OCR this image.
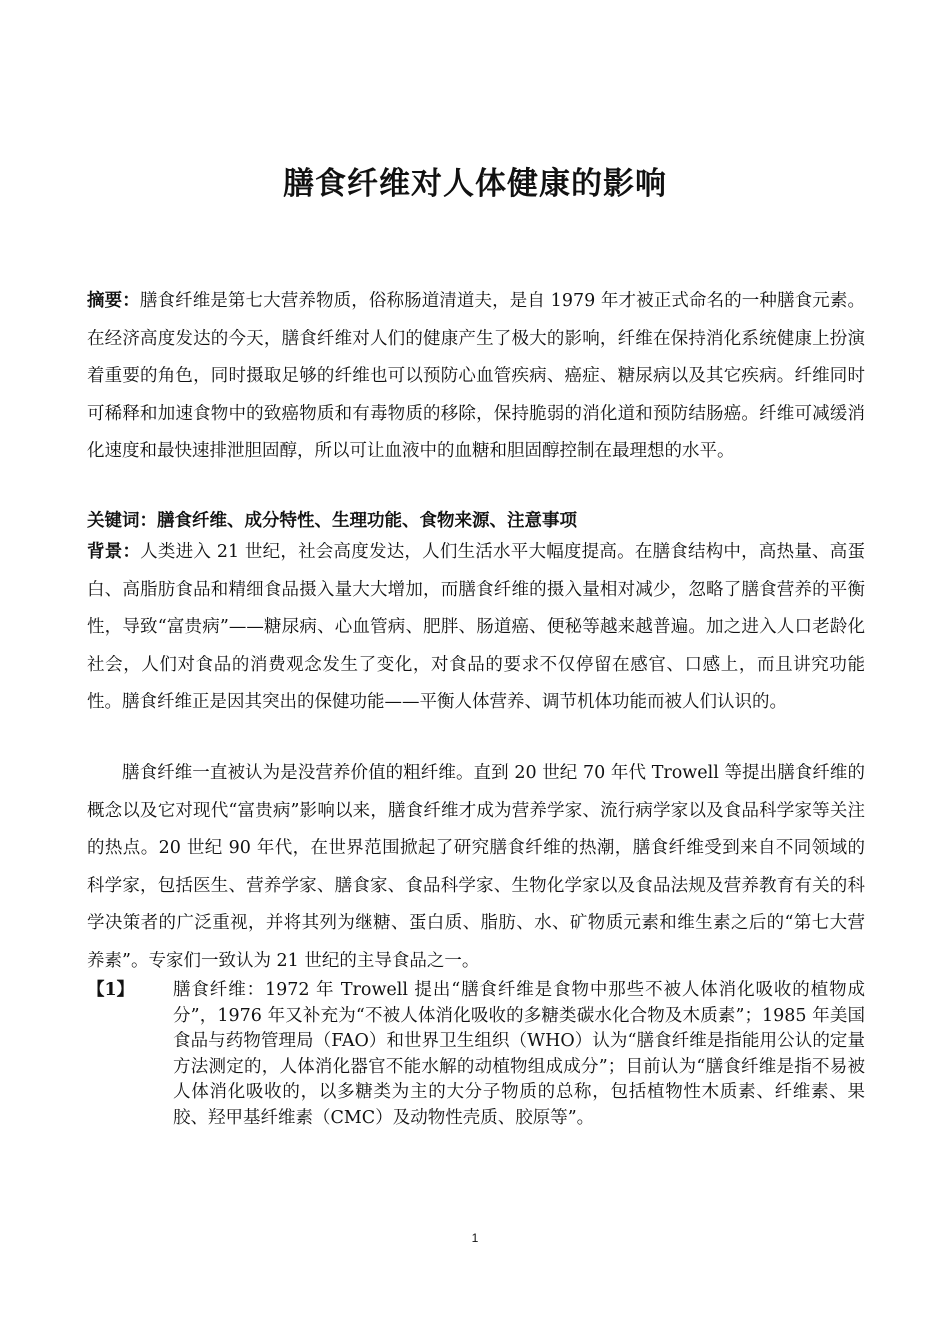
膳食纤维对人体健康的影响

摘要：膳食纤维是第七大营养物质，俗称肠道清道夫，是自 1979 年才被正式命名的一种膳食元素。在经济高度发达的今天，膳食纤维对人们的健康产生了极大的影响，纤维在保持消化系统健康上扮演着重要的角色，同时摄取足够的纤维也可以预防心血管疾病、癌症、糖尿病以及其它疾病。纤维同时可稀释和加速食物中的致癌物质和有毒物质的移除，保持脆弱的消化道和预防结肠癌。纤维可减缓消化速度和最快速排泄胆固醇，所以可让血液中的血糖和胆固醇控制在最理想的水平。

关键词：膳食纤维、成分特性、生理功能、食物来源、注意事项

背景：人类进入 21 世纪，社会高度发达，人们生活水平大幅度提高。在膳食结构中，高热量、高蛋白、高脂肪食品和精细食品摄入量大大增加，而膳食纤维的摄入量相对减少，忽略了膳食营养的平衡性，导致“富贵病”——糖尿病、心血管病、肥胖、肠道癌、便秘等越来越普遍。加之进入人口老龄化社会，人们对食品的消费观念发生了变化，对食品的要求不仅停留在感官、口感上，而且讲究功能性。膳食纤维正是因其突出的保健功能——平衡人体营养、调节机体功能而被人们认识的。

膳食纤维一直被认为是没营养价值的粗纤维。直到 20 世纪 70 年代 Trowell 等提出膳食纤维的概念以及它对现代“富贵病”影响以来，膳食纤维才成为营养学家、流行病学家以及食品科学家等关注的热点。20 世纪 90 年代，在世界范围掀起了研究膳食纤维的热潮，膳食纤维受到来自不同领域的科学家，包括医生、营养学家、膳食家、食品科学家、生物化学家以及食品法规及营养教育有关的科学决策者的广泛重视，并将其列为继糖、蛋白质、脂肪、水、矿物质元素和维生素之后的“第七大营养素”。专家们一致认为 21 世纪的主导食品之一。

【1】 膳食纤维：1972 年 Trowell 提出“膳食纤维是食物中那些不被人体消化吸收的植物成分”，1976 年又补充为“不被人体消化吸收的多糖类碳水化合物及木质素”；1985 年美国食品与药物管理局（FAO）和世界卫生组织（WHO）认为“膳食纤维是指能用公认的定量方法测定的，人体消化器官不能水解的动植物组成成分”；目前认为“膳食纤维是指不易被人体消化吸收的，以多糖类为主的大分子物质的总称，包括植物性木质素、纤维素、果胶、羟甲基纤维素（CMC）及动物性壳质、胶原等”。
1
